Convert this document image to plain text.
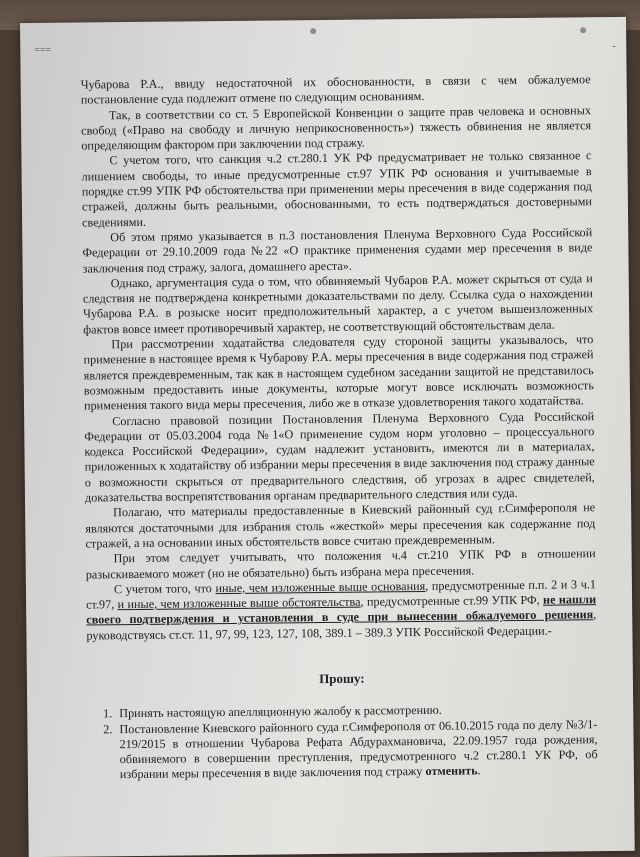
===	-

Чубарова Р.А., ввиду недостаточной их обоснованности, в связи с чем обжалуемое постановление суда подлежит отмене по следующим основаниям.

Так, в соответствии со ст. 5 Европейской Конвенции о защите прав человека и основных свобод («Право на свободу и личную неприкосновенность») тяжесть обвинения не является определяющим фактором при заключении под стражу.

С учетом того, что санкция ч.2 ст.280.1 УК РФ предусматривает не только связанное с лишением свободы, то иные предусмотренные ст.97 УПК РФ основания и учитываемые в порядке ст.99 УПК РФ обстоятельства при применении меры пресечения в виде содержания под стражей, должны быть реальными, обоснованными, то есть подтверждаться достоверными сведениями.

Об этом прямо указывается в п.3 постановления Пленума Верховного Суда Российской Федерации от 29.10.2009 года №22 «О практике применения судами мер пресечения в виде заключения под стражу, залога, домашнего ареста».

Однако, аргументация суда о том, что обвиняемый Чубаров Р.А. может скрыться от суда и следствия не подтверждена конкретными доказательствами по делу. Ссылка суда о нахождении Чубарова Р.А. в розыске носит предположительный характер, а с учетом вышеизложенных фактов вовсе имеет противоречивый характер, не соответствующий обстоятельствам дела.

При рассмотрении ходатайства следователя суду стороной защиты указывалось, что применение в настоящее время к Чубарову Р.А. меры пресечения в виде содержания под стражей является преждевременным, так как в настоящем судебном заседании защитой не представилось возможным предоставить иные документы, которые могут вовсе исключать возможность применения такого вида меры пресечения, либо же в отказе удовлетворения такого ходатайства.

Согласно правовой позиции Постановления Пленума Верховного Суда Российской Федерации от 05.03.2004 года №1«О применение судом норм уголовно – процессуального кодекса Российской Федерации», судам надлежит установить, имеются ли в материалах, приложенных к ходатайству об избрании меры пресечения в виде заключения под стражу данные о возможности скрыться от предварительного следствия, об угрозах в адрес свидетелей, доказательства воспрепятствования органам предварительного следствия или суда.

Полагаю, что материалы предоставленные в Киевский районный суд г.Симферополя не являются достаточными для избрания столь «жесткой» меры пресечения как содержание под стражей, а на основании иных обстоятельств вовсе считаю преждевременным.

При этом следует учитывать, что положения ч.4 ст.210 УПК РФ в отношении разыскиваемого может (но не обязательно) быть избрана мера пресечения.

С учетом того, что иные, чем изложенные выше основания, предусмотренные п.п. 2 и 3 ч.1 ст.97, и иные, чем изложенные выше обстоятельства, предусмотренные ст.99 УПК РФ, не нашли своего подтверждения и установления в суде при вынесении обжалуемого решения, руководствуясь ст.ст. 11, 97, 99, 123, 127, 108, 389.1 – 389.3 УПК Российской Федерации.-

Прошу:

1. Принять настоящую апелляционную жалобу к рассмотрению.
2. Постановление Киевского районного суда г.Симферополя от 06.10.2015 года по делу №3/1-219/2015 в отношении Чубарова Рефата Абдурахмановича, 22.09.1957 года рождения, обвиняемого в совершении преступления, предусмотренного ч.2 ст.280.1 УК РФ, об избрании меры пресечения в виде заключения под стражу отменить.
